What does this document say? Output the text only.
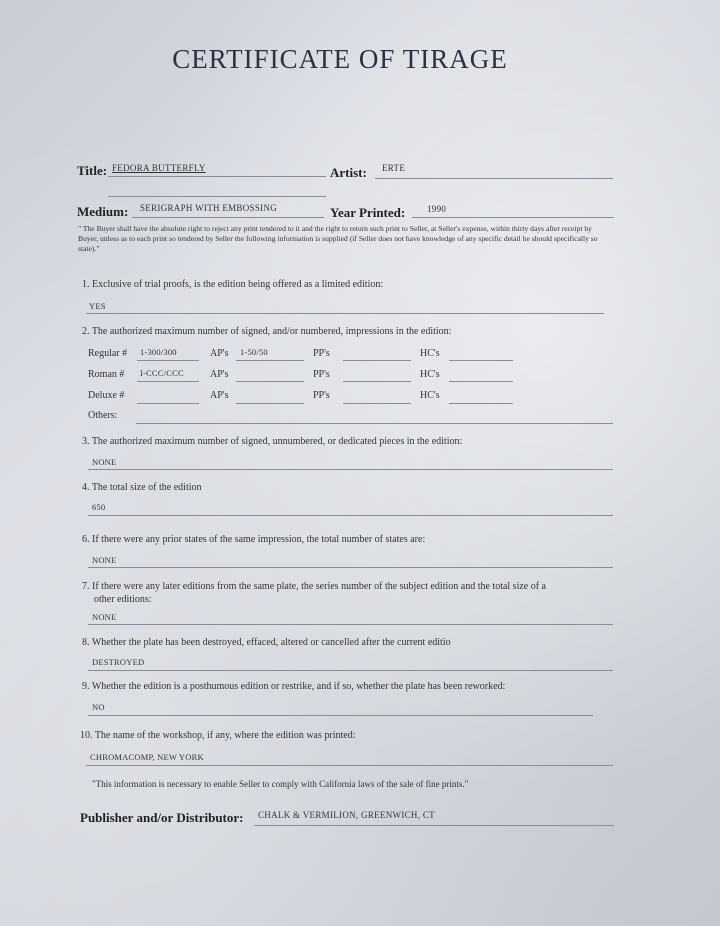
CERTIFICATE OF TIRAGE
Title: FEDORA BUTTERFLY	Artist: ERTE
Medium: SERIGRAPH WITH EMBOSSING	Year Printed: 1990
" The Buyer shall have the absolute right to reject any print tendered to it and the right to return such print to Seller, at Seller's expense, within thirty days after receipt by Buyer, unless as to each print so tendered by Seller the following information is supplied (if Seller does not have knowledge of any specific detail he should specifically so state)."
1. Exclusive of trial proofs, is the edition being offered as a limited edition:
YES
2. The authorized maximum number of signed, and/or numbered, impressions in the edition:
Regular # 1-300/300	AP's 1-50/50	PP's	HC's
Roman # I-CCC/CCC	AP's	PP's	HC's
Deluxe #	AP's	PP's	HC's
Others:
3. The authorized maximum number of signed, unnumbered, or dedicated pieces in the edition:
NONE
4. The total size of the edition
650
6. If there were any prior states of the same impression, the total number of states are:
NONE
7. If there were any later editions from the same plate, the series number of the subject edition and the total size of a
other editions:
NONE
8. Whether the plate has been destroyed, effaced, altered or cancelled after the current editio
DESTROYED
9. Whether the edition is a posthumous edition or restrike, and if so, whether the plate has been reworked:
NO
10. The name of the workshop, if any, where the edition was printed:
CHROMACOMP, NEW YORK
"This information is necessary to enable Seller to comply with California laws of the sale of fine prints."
Publisher and/or Distributor: CHALK & VERMILION, GREENWICH, CT
